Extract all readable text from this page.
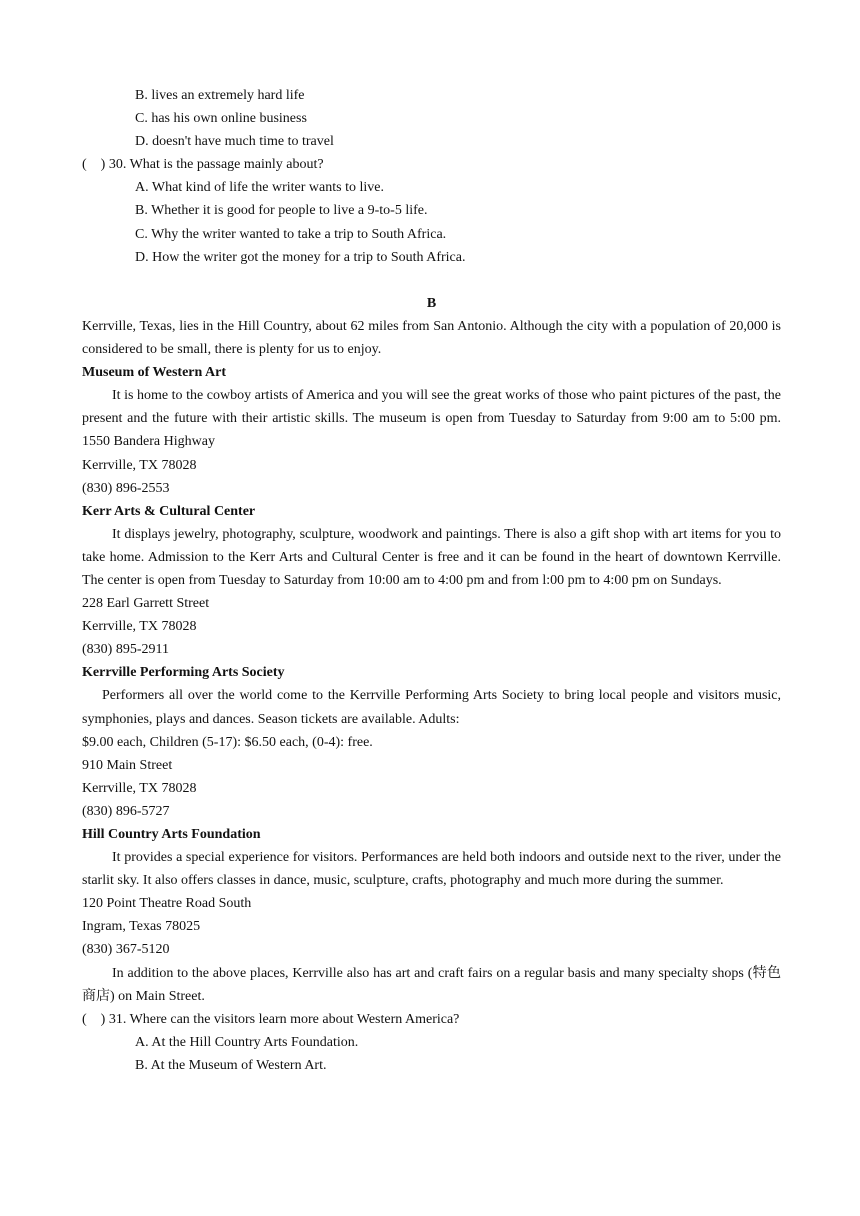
B. lives an extremely hard life
C. has his own online business
D. doesn't have much time to travel
(    ) 30. What is the passage mainly about?
A. What kind of life the writer wants to live.
B. Whether it is good for people to live a 9-to-5 life.
C. Why the writer wanted to take a trip to South Africa.
D. How the writer got the money for a trip to South Africa.
B
Kerrville, Texas, lies in the Hill Country, about 62 miles from San Antonio. Although the city with a population of 20,000 is considered to be small, there is plenty for us to enjoy.
Museum of Western Art
It is home to the cowboy artists of America and you will see the great works of those who paint pictures of the past, the present and the future with their artistic skills. The museum is open from Tuesday to Saturday from 9:00 am to 5:00 pm. 1550 Bandera Highway
Kerrville, TX 78028
(830) 896-2553
Kerr Arts & Cultural Center
It displays jewelry, photography, sculpture, woodwork and paintings. There is also a gift shop with art items for you to take home. Admission to the Kerr Arts and Cultural Center is free and it can be found in the heart of downtown Kerrville. The center is open from Tuesday to Saturday from 10:00 am to 4:00 pm and from l:00 pm to 4:00 pm on Sundays.
228 Earl Garrett Street
Kerrville, TX 78028
(830) 895-2911
Kerrville Performing Arts Society
Performers all over the world come to the Kerrville Performing Arts Society to bring local people and visitors music, symphonies, plays and dances. Season tickets are available. Adults:
$9.00 each, Children (5-17): $6.50 each, (0-4): free.
910 Main Street
Kerrville, TX 78028
(830) 896-5727
Hill Country Arts Foundation
It provides a special experience for visitors. Performances are held both indoors and outside next to the river, under the starlit sky. It also offers classes in dance, music, sculpture, crafts, photography and much more during the summer.
120 Point Theatre Road South
Ingram, Texas 78025
(830) 367-5120
In addition to the above places, Kerrville also has art and craft fairs on a regular basis and many specialty shops (特色商店) on Main Street.
(    ) 31. Where can the visitors learn more about Western America?
A. At the Hill Country Arts Foundation.
B. At the Museum of Western Art.
